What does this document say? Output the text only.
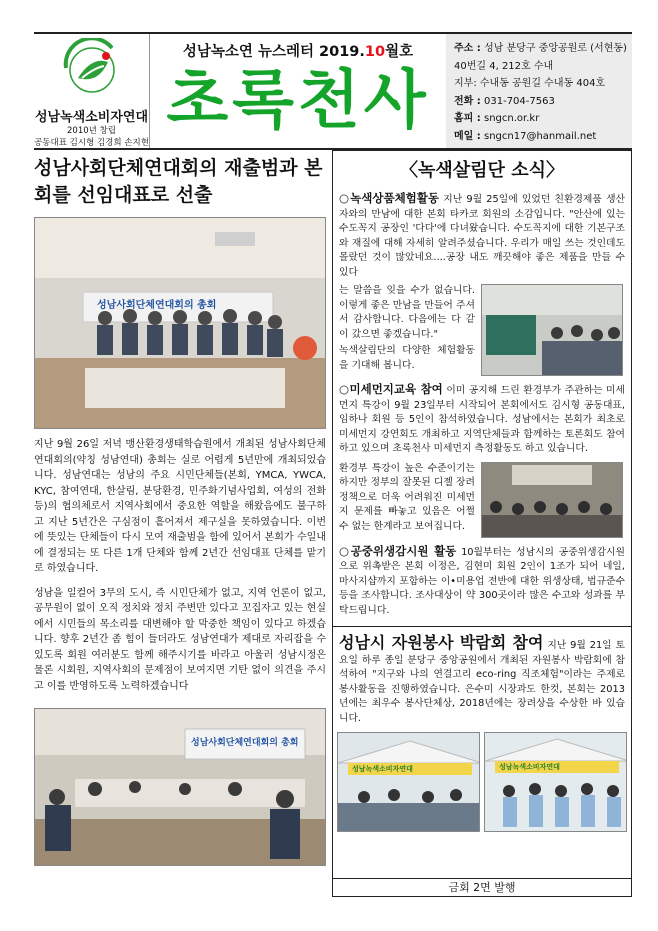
성남녹색소비자연대
2010년 창립
공동대표 김시형 김경희 손지현
성남녹소연 뉴스레터 2019.10월호
초록천사
주소 : 성남 분당구 중앙공원로 (서현동) 40번길 4, 212호 수내
지부: 수내동 공원길 수내동 404호
전화 : 031-704-7563
홈피 : sngcn.or.kr
메일 : sngcn17@hanmail.net
성남사회단체연대회의 재출범과 본회를 선임대표로 선출
성남사회단체연대회의 총회
지난 9월 26일 저녁 맹산환경생태학습원에서 개최된 성남사회단체연대회의(약칭 성남연대) 총회는 실로 어렵게 5년만에 개최되었습니다. 성남연대는 성남의 주요 시민단체들(본회, YMCA, YWCA, KYC, 참여연대, 한살림, 분당환경, 민주화기념사업회, 여성의 전화 등)의 협의체로서 지역사회에서 중요한 역할을 해왔음에도 불구하고 지난 5년간은 구심점이 흩어져서 제구실을 못하였습니다. 이번에 뜻있는 단체들이 다시 모여 재출범을 함에 있어서 본회가 수일내에 결정되는 또 다른 1개 단체와 함께 2년간 선임대표 단체를 맡기로 하였습니다.
성남을 일컬어 3무의 도시, 즉 시민단체가 없고, 지역 언론이 없고, 공무원이 없이 오직 정치와 정치 주변만 있다고 꼬집자고 있는 현실에서 시민들의 목소리를 대변해야 할 막중한 책임이 있다고 하겠습니다. 향후 2년간 좀 힘이 들더라도 성남연대가 제대로 자리잡을 수 있도록 회원 여러분도 함께 해주시기를 바라고 아울러 성남시정은 물론 시회원, 지역사회의 문제점이 보여지면 기탄 없이 의견을 주시고 이를 반영하도록 노력하겠습니다
성남사회단체연대회의 총회
〈녹색살림단 소식〉
○녹색상품체험활동 지난 9월 25일에 있었던 친환경제품 생산자와의 만남에 대한 본회 타카코 회원의 소감입니다. "안산에 있는 수도꼭지 공장인 '다다'에 다녀왔습니다. 수도꼭지에 대한 기본구조와 재질에 대해 자세히 알려주셨습니다. 우리가 매일 쓰는 것인데도 몰랐던 것이 많았네요....공장 내도 깨끗해야 좋은 제품을 만들 수 있다
는 말씀을 잊을 수가 없습니다. 이렇게 좋은 만남을 만들어 주셔서 감사합니다. 다음에는 다 같이 갔으면 좋겠습니다."
녹색살림단의 다양한 체험활동을 기대해 봅니다.
○미세먼지교육 참여 이미 공지해 드린 환경부가 주관하는 미세먼지 특강이 9월 23일부터 시작되어 본회에서도 김시형 공동대표, 임하나 회원 등 5인이 참석하였습니다. 성남에서는 본회가 최초로 미세먼지 강연회도 개최하고 지역단체들과 함께하는 토론회도 참여하고 있으며 초록천사 미세먼지 측정활동도 하고 있습니다.
환경부 특강이 높은 수준이기는 하지만 정부의 잘못된 디젤 장려정책으로 더욱 어려워진 미세먼지 문제를 빠놓고 있음은 어쩔 수 없는 한계라고 보여집니다.
○공중위생감시원 활동 10월부터는 성남시의 공중위생감시원으로 위촉받은 본회 이정은, 김현미 회원 2인이 1조가 되어 네일, 마사지샵까지 포함하는 이•미용업 전반에 대한 위생상태, 법규준수 등을 조사합니다. 조사대상이 약 300곳이라 많은 수고와 성과를 부탁드립니다.
성남시 자원봉사 박람회 참여 지난 9월 21일 토요일 하루 종일 분당구 중앙공원에서 개최된 자원봉사 박람회에 참석하여 "지구와 나의 연결고리 eco-ring 직조체험"이라는 주제로 봉사활동을 진행하였습니다. 은수미 시장과도 한컷, 본회는 2013년에는 최우수 봉사단체상, 2018년에는 장려상을 수상한 바 있습니다.
성남녹색소비자연대	성남녹색소비자연대
금회 2면 발행
